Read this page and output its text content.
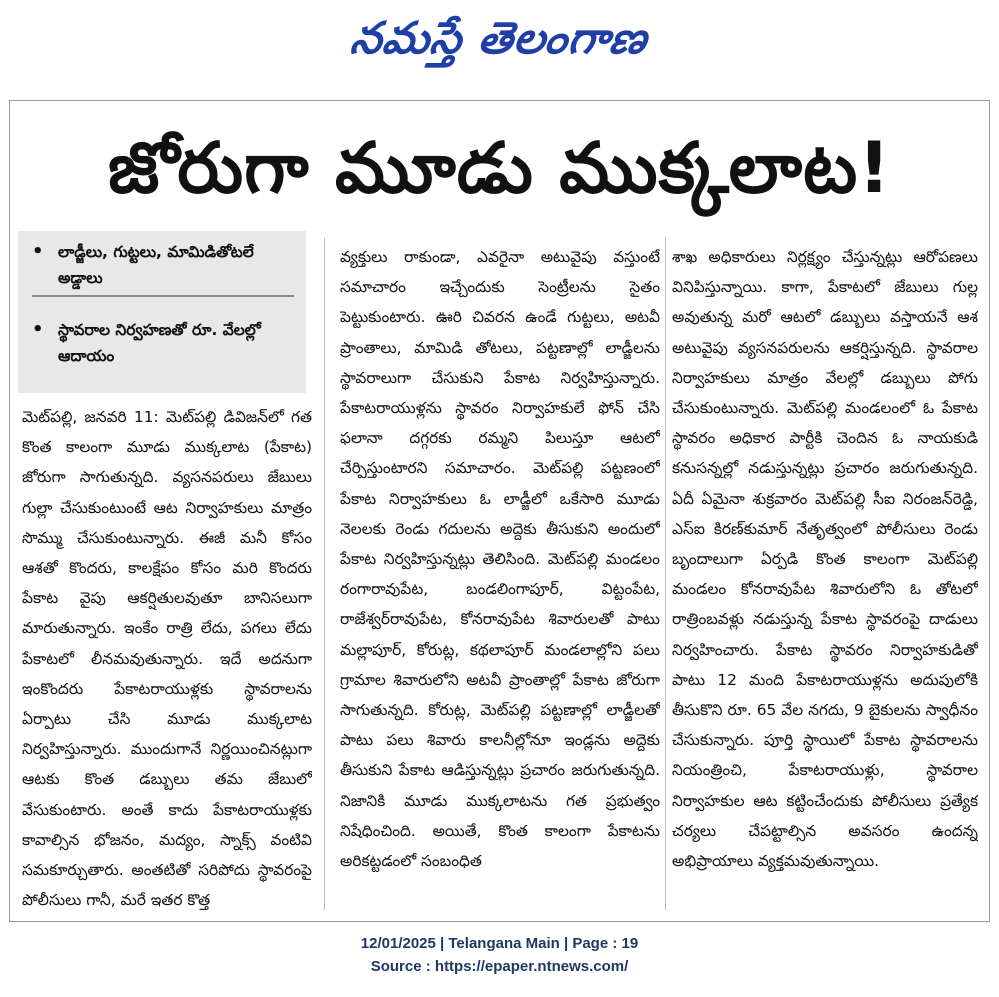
నమస్తే తెలంగాణ
జోరుగా మూడు ముక్కలాట!
• లాడ్జీలు, గుట్టలు, మామిడితోటలే అడ్డాలు
• స్థావరాల నిర్వహణతో రూ. వేలల్లో ఆదాయం

మెట్‌పల్లి, జనవరి 11: మెట్‌పల్లి డివిజన్‌లో గత కొంత కాలంగా మూడు ముక్కలాట (పేకాట) జోరుగా సాగుతున్నది. వ్యసనపరులు జేబులు గుల్లా చేసుకుంటుంటే ఆట నిర్వాహకులు మాత్రం సొమ్ము చేసుకుంటున్నారు. ఈజీ మనీ కోసం ఆశతో కొందరు, కాలక్షేపం కోసం మరి కొందరు పేకాట వైపు ఆకర్షితులవుతూ బానిసలుగా మారుతున్నారు. ఇంకేం రాత్రి లేదు, పగలు లేదు పేకాటలో లీనమవుతున్నారు. ఇదే అదనుగా ఇంకొందరు పేకాటరాయుళ్లకు స్థావరాలను ఏర్పాటు చేసి మూడు ముక్కలాట నిర్వహిస్తున్నారు. ముందుగానే నిర్ణయించినట్లుగా ఆటకు కొంత డబ్బులు తమ జేబులో వేసుకుంటారు. అంతే కాదు పేకాటరాయుళ్లకు కావాల్సిన భోజనం, మద్యం, స్నాక్స్ వంటివి సమకూర్చుతారు. అంతటితో సరిపోదు స్థావరంపై పోలీసులు గానీ, మరే ఇతర కొత్త

వ్యక్తులు రాకుండా, ఎవరైనా అటువైపు వస్తుంటే సమాచారం ఇచ్చేందుకు సెంట్రీలను సైతం పెట్టుకుంటారు. ఊరి చివరన ఉండే గుట్టలు, అటవీ ప్రాంతాలు, మామిడి తోటలు, పట్టణాల్లో లాడ్జీలను స్థావరాలుగా చేసుకుని పేకాట నిర్వహిస్తున్నారు. పేకాటరాయుళ్లను స్థావరం నిర్వాహకులే ఫోన్ చేసి ఫలానా దగ్గరకు రమ్మని పిలుస్తూ ఆటలో చేర్పిస్తుంటారని సమాచారం. మెట్‌పల్లి పట్టణంలో పేకాట నిర్వాహకులు ఓ లాడ్జీలో ఒకేసారి మూడు నెలలకు రెండు గదులను అద్దెకు తీసుకుని అందులో పేకాట నిర్వహిస్తున్నట్లు తెలిసింది. మెట్‌పల్లి మండలం రంగారావుపేట, బండలింగాపూర్, విట్టంపేట, రాజేశ్వర్‌రావుపేట, కోనరావుపేట శివారులతో పాటు మల్లాపూర్, కోరుట్ల, కథలాపూర్ మండలాల్లోని పలు గ్రామాల శివారులోని అటవీ ప్రాంతాల్లో పేకాట జోరుగా సాగుతున్నది. కోరుట్ల, మెట్‌పల్లి పట్టణాల్లో లాడ్జీలతో పాటు పలు శివారు కాలనీల్లోనూ ఇండ్లను అద్దెకు తీసుకుని పేకాట ఆడిస్తున్నట్లు ప్రచారం జరుగుతున్నది. నిజానికి మూడు ముక్కలాటను గత ప్రభుత్వం నిషేధించింది. అయితే, కొంత కాలంగా పేకాటను అరికట్టడంలో సంబంధిత

శాఖ అధికారులు నిర్లక్ష్యం చేస్తున్నట్లు ఆరోపణలు వినిపిస్తున్నాయి. కాగా, పేకాటలో జేబులు గుల్ల అవుతున్న మరో ఆటలో డబ్బులు వస్తాయనే ఆశ అటువైపు వ్యసనపరులను ఆకర్షిస్తున్నది. స్థావరాల నిర్వాహకులు మాత్రం వేలల్లో డబ్బులు పోగు చేసుకుంటున్నారు. మెట్‌పల్లి మండలంలో ఓ పేకాట స్థావరం అధికార పార్టీకి చెందిన ఓ నాయకుడి కనుసన్నల్లో నడుస్తున్నట్లు ప్రచారం జరుగుతున్నది. ఏదీ ఏమైనా శుక్రవారం మెట్‌పల్లి సీఐ నిరంజన్‌రెడ్డి, ఎస్ఐ కిరణ్‌కుమార్ నేతృత్వంలో పోలీసులు రెండు బృందాలుగా ఏర్పడి కొంత కాలంగా మెట్‌పల్లి మండలం కోనరావుపేట శివారులోని ఓ తోటలో రాత్రింబవళ్లు నడుస్తున్న పేకాట స్థావరంపై దాడులు నిర్వహించారు. పేకాట స్థావరం నిర్వాహకుడితో పాటు 12 మంది పేకాటరాయుళ్లను అదుపులోకి తీసుకొని రూ. 65 వేల నగదు, 9 బైకులను స్వాధీనం చేసుకున్నారు. పూర్తి స్థాయిలో పేకాట స్థావరాలను నియంత్రించి, పేకాటరాయుళ్లు, స్థావరాల నిర్వాహకుల ఆట కట్టించేందుకు పోలీసులు ప్రత్యేక చర్యలు చేపట్టాల్సిన అవసరం ఉందన్న అభిప్రాయాలు వ్యక్తమవుతున్నాయి.

12/01/2025 | Telangana Main | Page : 19
Source : https://epaper.ntnews.com/
